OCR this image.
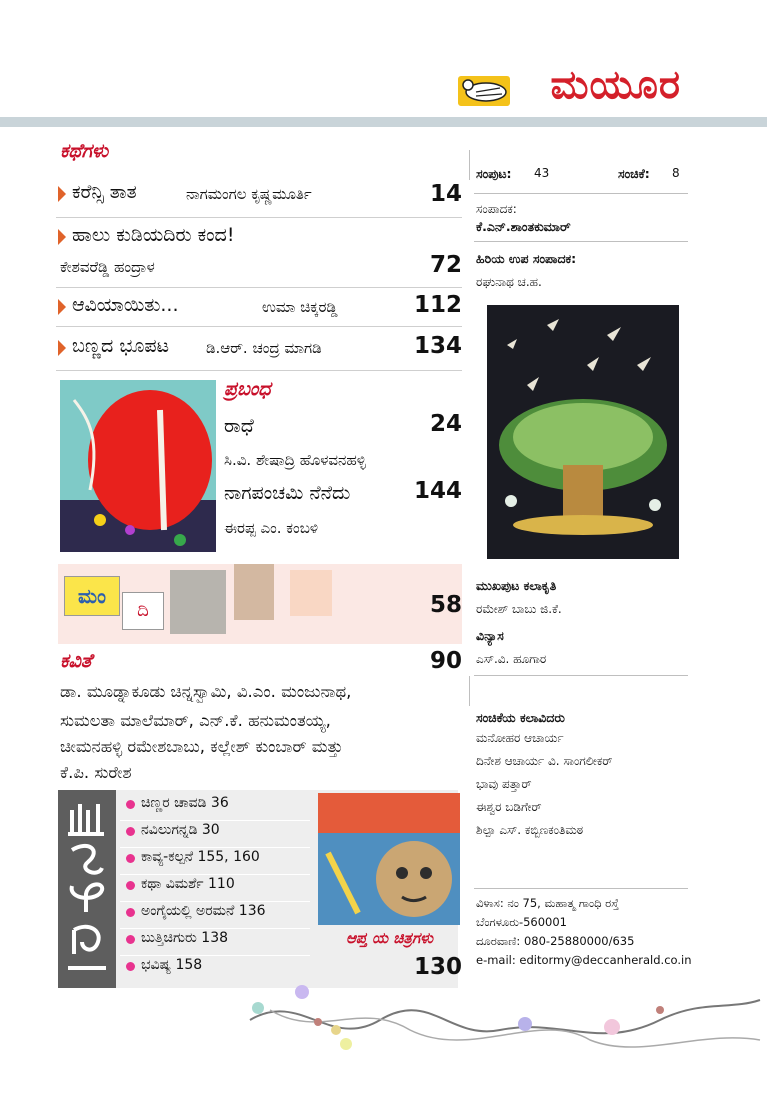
ಮಯೂರ
ಕಥೆಗಳು
ಕರೆನ್ಸಿ ತಾತ	ನಾಗಮಂಗಲ ಕೃಷ್ಣಮೂರ್ತಿ	14
ಹಾಲು ಕುಡಿಯದಿರು ಕಂದ!
ಕೇಶವರೆಡ್ಡಿ ಹಂದ್ರಾಳ	72
ಆವಿಯಾಯಿತು...	ಉಮಾ ಚಿಕ್ಕರಡ್ಡಿ	112
ಬಣ್ಣದ ಭೂಪಟ ಡಿ.ಆರ್. ಚಂದ್ರ ಮಾಗಡಿ	134
ಪ್ರಬಂಧ
ರಾಧೆ	24
ಸಿ.ವಿ. ಶೇಷಾದ್ರಿ ಹೊಳವನಹಳ್ಳಿ
ನಾಗಪಂಚಮಿ ನೆನೆದು	144
ಈರಪ್ಪ ಎಂ. ಕಂಬಳಿ
ಮಂ
ದಿ	58
ಕವಿತೆ	90
ಡಾ. ಮೂಡ್ನಾಕೂಡು ಚಿನ್ನಸ್ವಾಮಿ, ವಿ.ಎಂ. ಮಂಜುನಾಥ,
ಸುಮಲತಾ ಮಾಲೆಮಾರ್, ಎನ್.ಕೆ. ಹನುಮಂತಯ್ಯ,
ಚೀಮನಹಳ್ಳಿ ರಮೇಶಬಾಬು, ಕಲ್ಲೇಶ್ ಕುಂಬಾರ್ ಮತ್ತು
ಕೆ.ಪಿ. ಸುರೇಶ
ಚಿಣ್ಣರ ಚಾವಡಿ 36
ನವಿಲುಗನ್ನಡಿ 30
ಕಾವ್ಯ-ಕಲ್ಪನೆ 155, 160
ಕಥಾ ವಿಮರ್ಶೆ 110
ಅಂಗೈಯಲ್ಲಿ ಅರಮನೆ 136
ಬುತ್ತಿಚಿಗುರು 138
ಭವಿಷ್ಯ 158
ಆಪ್ತ ಯ ಚಿತ್ರಗಳು
130
ಸಂಪುಟ: 43	ಸಂಚಿಕೆ: 8
ಸಂಪಾದಕ:
ಕೆ.ಎನ್.ಶಾಂತಕುಮಾರ್
ಹಿರಿಯ ಉಪ ಸಂಪಾದಕ:
ರಘುನಾಥ ಚ.ಹ.
ಮುಖಪುಟ ಕಲಾಕೃತಿ
ರಮೇಶ್ ಬಾಬು ಜಿ.ಕೆ.
ವಿನ್ಯಾಸ
ಎಸ್.ವಿ. ಹೂಗಾರ
ಸಂಚಿಕೆಯ ಕಲಾವಿದರು
ಮನೋಹರ ಆಚಾರ್ಯ
ದಿನೇಶ ಆಚಾರ್ಯ ವಿ. ಸಾಂಗಲೀಕರ್
ಭಾವು ಪತ್ತಾರ್
ಈಶ್ವರ ಬಡಿಗೇರ್
ಶಿಲ್ಪಾ ಎಸ್. ಕಬ್ಬಿಣಕಂತಿಮಠ
ವಿಳಾಸ: ನಂ 75, ಮಹಾತ್ಮ ಗಾಂಧಿ ರಸ್ತೆ
ಬೆಂಗಳೂರು-560001
ದೂರವಾಣಿ: 080-25880000/635
e-mail: editormy@deccanherald.co.in
